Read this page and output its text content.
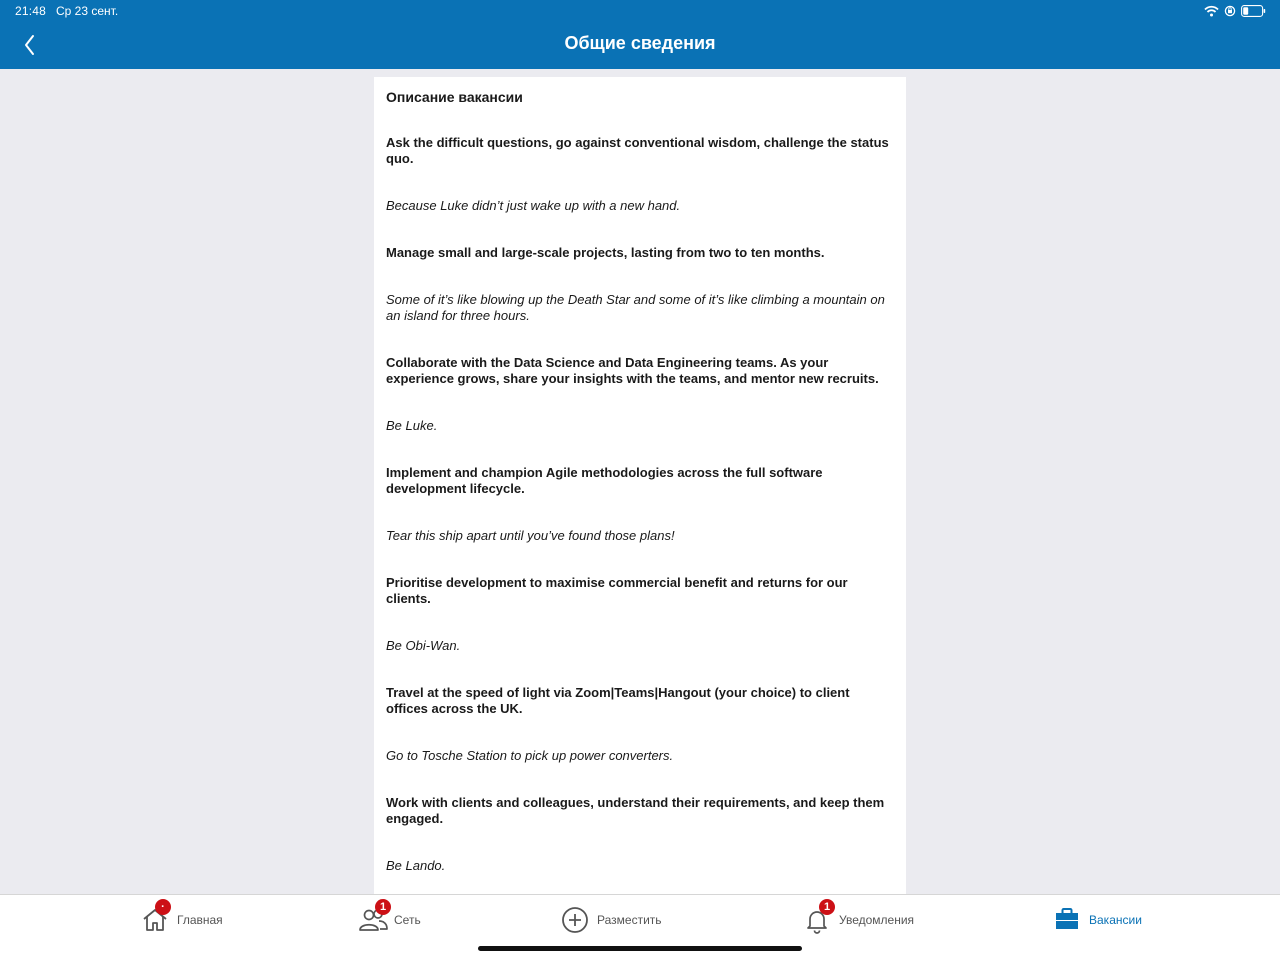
21:48 Ср 23 сент.
Общие сведения
Описание вакансии

Ask the difficult questions, go against conventional wisdom, challenge the status quo.

Because Luke didn’t just wake up with a new hand.

Manage small and large-scale projects, lasting from two to ten months.

Some of it’s like blowing up the Death Star and some of it’s like climbing a mountain on an island for three hours.

Collaborate with the Data Science and Data Engineering teams. As your experience grows, share your insights with the teams, and mentor new recruits.

Be Luke.

Implement and champion Agile methodologies across the full software development lifecycle.

Tear this ship apart until you’ve found those plans!

Prioritise development to maximise commercial benefit and returns for our clients.

Be Obi-Wan.

Travel at the speed of light via Zoom|Teams|Hangout (your choice) to client offices across the UK.

Go to Tosche Station to pick up power converters.

Work with clients and colleagues, understand their requirements, and keep them engaged.

Be Lando.

·
Главная
1
Сеть	Разместить
1
Уведомления	Вакансии
